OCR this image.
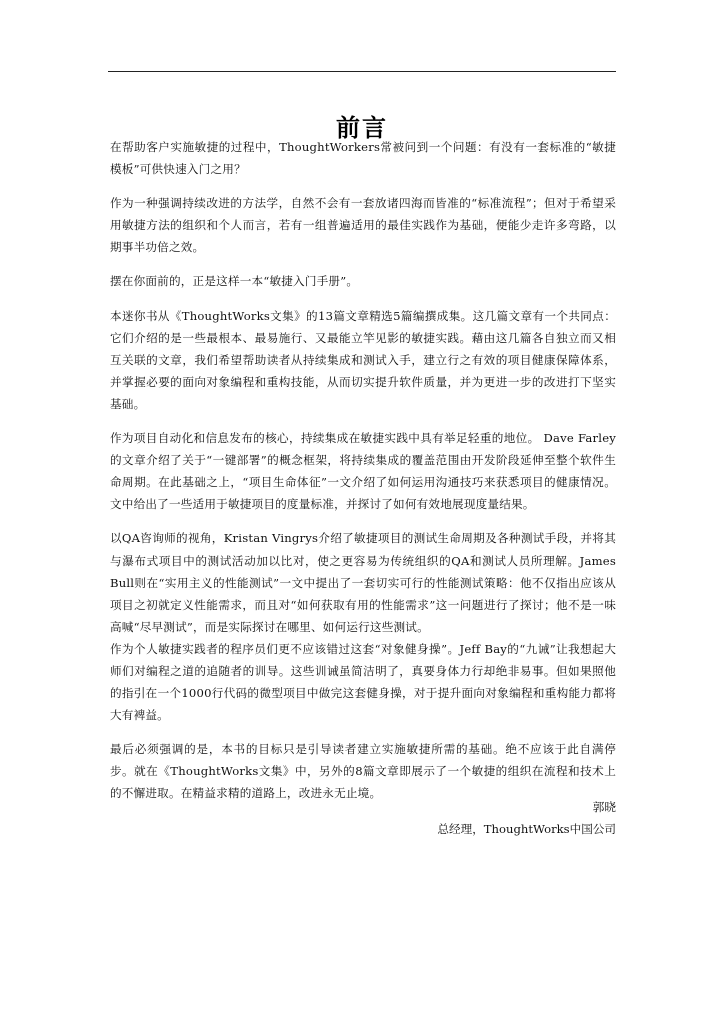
前言

在帮助客户实施敏捷的过程中，ThoughtWorkers常被问到一个问题：有没有一套标准的“敏捷模板”可供快速入门之用？

作为一种强调持续改进的方法学，自然不会有一套放诸四海而皆准的“标准流程”；但对于希望采用敏捷方法的组织和个人而言，若有一组普遍适用的最佳实践作为基础，便能少走许多弯路，以期事半功倍之效。

摆在你面前的，正是这样一本“敏捷入门手册”。

本迷你书从《ThoughtWorks文集》的13篇文章精选5篇编撰成集。这几篇文章有一个共同点：它们介绍的是一些最根本、最易施行、又最能立竿见影的敏捷实践。藉由这几篇各自独立而又相互关联的文章，我们希望帮助读者从持续集成和测试入手，建立行之有效的项目健康保障体系，并掌握必要的面向对象编程和重构技能，从而切实提升软件质量，并为更进一步的改进打下坚实基础。

作为项目自动化和信息发布的核心，持续集成在敏捷实践中具有举足轻重的地位。 Dave Farley的文章介绍了关于“一键部署”的概念框架，将持续集成的覆盖范围由开发阶段延伸至整个软件生命周期。在此基础之上，“项目生命体征”一文介绍了如何运用沟通技巧来获悉项目的健康情况。文中给出了一些适用于敏捷项目的度量标准，并探讨了如何有效地展现度量结果。

以QA咨询师的视角，Kristan Vingrys介绍了敏捷项目的测试生命周期及各种测试手段，并将其与瀑布式项目中的测试活动加以比对，使之更容易为传统组织的QA和测试人员所理解。James Bull则在“实用主义的性能测试”一文中提出了一套切实可行的性能测试策略：他不仅指出应该从项目之初就定义性能需求，而且对“如何获取有用的性能需求”这一问题进行了探讨；他不是一味高喊“尽早测试”，而是实际探讨在哪里、如何运行这些测试。

作为个人敏捷实践者的程序员们更不应该错过这套“对象健身操”。Jeff Bay的“九诫”让我想起大师们对编程之道的追随者的训导。这些训诫虽简洁明了，真要身体力行却绝非易事。但如果照他的指引在一个1000行代码的微型项目中做完这套健身操，对于提升面向对象编程和重构能力都将大有裨益。

最后必须强调的是，本书的目标只是引导读者建立实施敏捷所需的基础。绝不应该于此自满停步。就在《ThoughtWorks文集》中，另外的8篇文章即展示了一个敏捷的组织在流程和技术上的不懈进取。在精益求精的道路上，改进永无止境。

郭晓
总经理，ThoughtWorks中国公司
